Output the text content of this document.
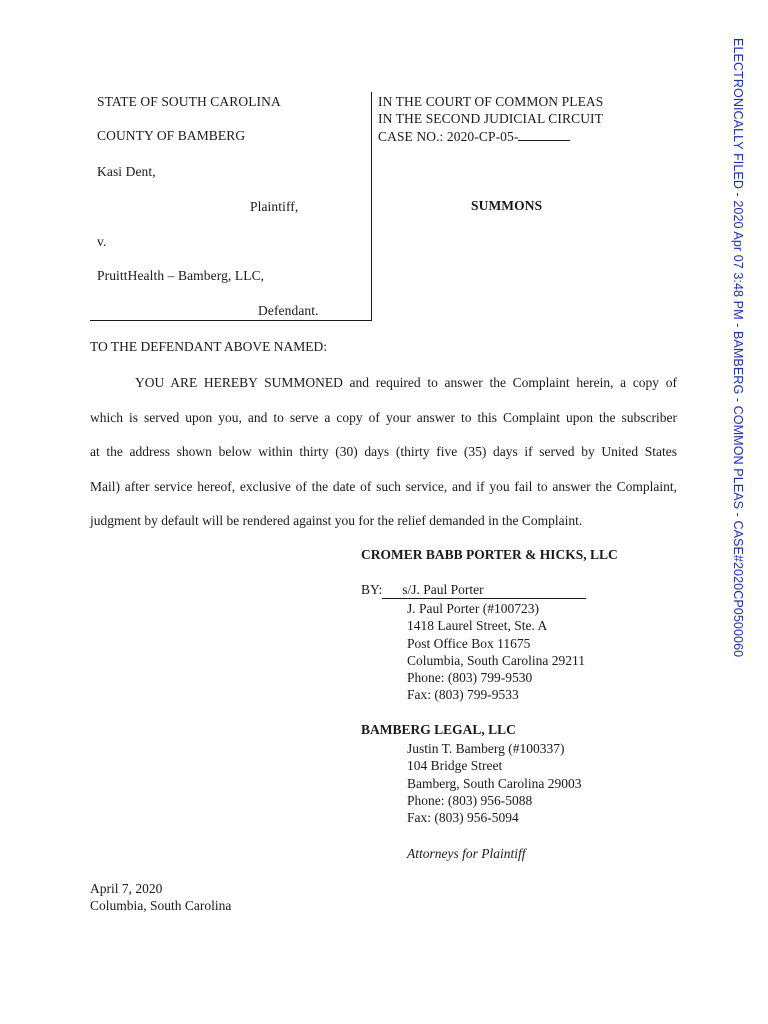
STATE OF SOUTH CAROLINA
COUNTY OF BAMBERG
Kasi Dent,
Plaintiff,
v.
PruittHealth – Bamberg, LLC,
Defendant.
IN THE COURT OF COMMON PLEAS
IN THE SECOND JUDICIAL CIRCUIT
CASE NO.: 2020-CP-05-
SUMMONS
TO THE DEFENDANT ABOVE NAMED:
YOU ARE HEREBY SUMMONED and required to answer the Complaint herein, a copy of
which is served upon you, and to serve a copy of your answer to this Complaint upon the subscriber
at the address shown below within thirty (30) days (thirty five (35) days if served by United States
Mail) after service hereof, exclusive of the date of such service, and if you fail to answer the Complaint,
judgment by default will be rendered against you for the relief demanded in the Complaint.
CROMER BABB PORTER & HICKS, LLC
BY: s/J. Paul Porter
J. Paul Porter (#100723)
1418 Laurel Street, Ste. A
Post Office Box 11675
Columbia, South Carolina 29211
Phone: (803) 799-9530
Fax: (803) 799-9533
BAMBERG LEGAL, LLC
Justin T. Bamberg (#100337)
104 Bridge Street
Bamberg, South Carolina 29003
Phone: (803) 956-5088
Fax: (803) 956-5094
Attorneys for Plaintiff
April 7, 2020
Columbia, South Carolina
ELECTRONICALLY FILED - 2020 Apr 07 3:48 PM - BAMBERG - COMMON PLEAS - CASE#2020CP0500060
